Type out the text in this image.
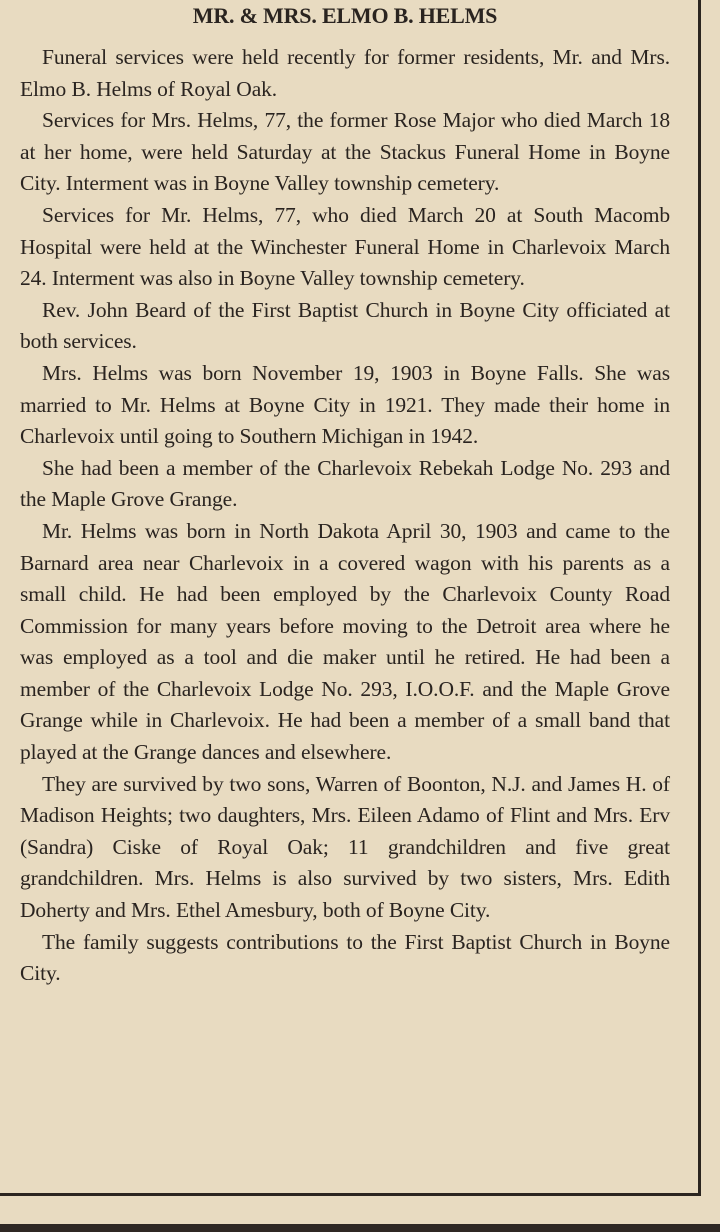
MR. & MRS. ELMO B. HELMS

Funeral services were held recently for former residents, Mr. and Mrs. Elmo B. Helms of Royal Oak.

Services for Mrs. Helms, 77, the former Rose Major who died March 18 at her home, were held Saturday at the Stackus Funeral Home in Boyne City. Interment was in Boyne Valley township cemetery.

Services for Mr. Helms, 77, who died March 20 at South Macomb Hospital were held at the Winchester Funeral Home in Charlevoix March 24. Interment was also in Boyne Valley township cemetery.

Rev. John Beard of the First Baptist Church in Boyne City officiated at both services.

Mrs. Helms was born November 19, 1903 in Boyne Falls. She was married to Mr. Helms at Boyne City in 1921. They made their home in Charlevoix until going to Southern Michigan in 1942.

She had been a member of the Charlevoix Rebekah Lodge No. 293 and the Maple Grove Grange.

Mr. Helms was born in North Dakota April 30, 1903 and came to the Barnard area near Charlevoix in a covered wagon with his parents as a small child. He had been employed by the Charlevoix County Road Commission for many years before moving to the Detroit area where he was employed as a tool and die maker until he retired. He had been a member of the Charlevoix Lodge No. 293, I.O.O.F. and the Maple Grove Grange while in Charlevoix. He had been a member of a small band that played at the Grange dances and elsewhere.

They are survived by two sons, Warren of Boonton, N.J. and James H. of Madison Heights; two daughters, Mrs. Eileen Adamo of Flint and Mrs. Erv (Sandra) Ciske of Royal Oak; 11 grandchildren and five great grandchildren. Mrs. Helms is also survived by two sisters, Mrs. Edith Doherty and Mrs. Ethel Amesbury, both of Boyne City.

The family suggests contributions to the First Baptist Church in Boyne City.
